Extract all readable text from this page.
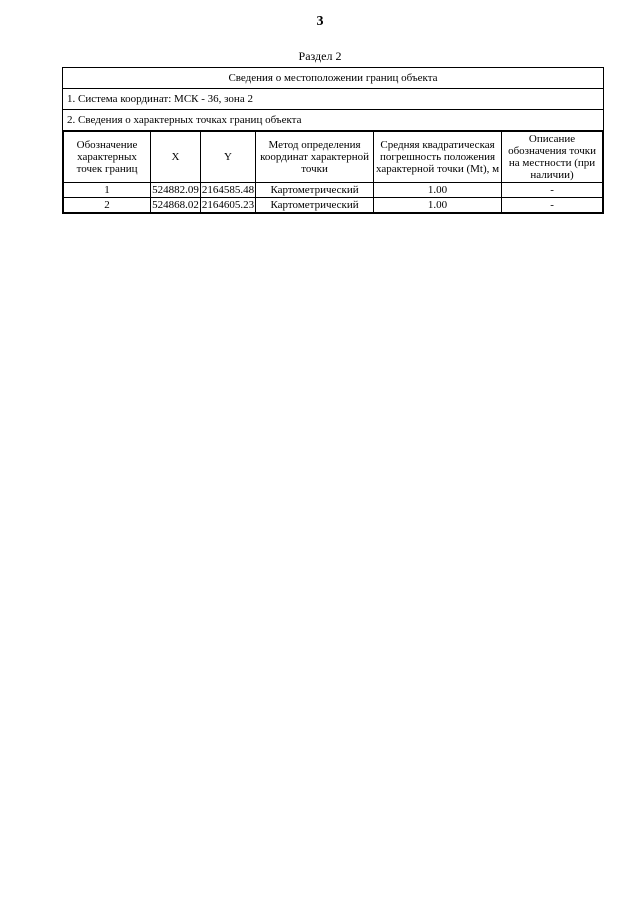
3
Раздел 2
Сведения о местоположении границ объекта
1. Система координат: МСК - 36, зона 2
2. Сведения о характерных точках границ объекта
Обозначение характерных точек границ	X	Y	Метод определения координат характерной точки	Средняя квадратическая погрешность положения характерной точки (Mt), м	Описание обозначения точки на местности (при наличии)
1	524882.09	2164585.48	Картометрический	1.00	-
2	524868.02	2164605.23	Картометрический	1.00	-
